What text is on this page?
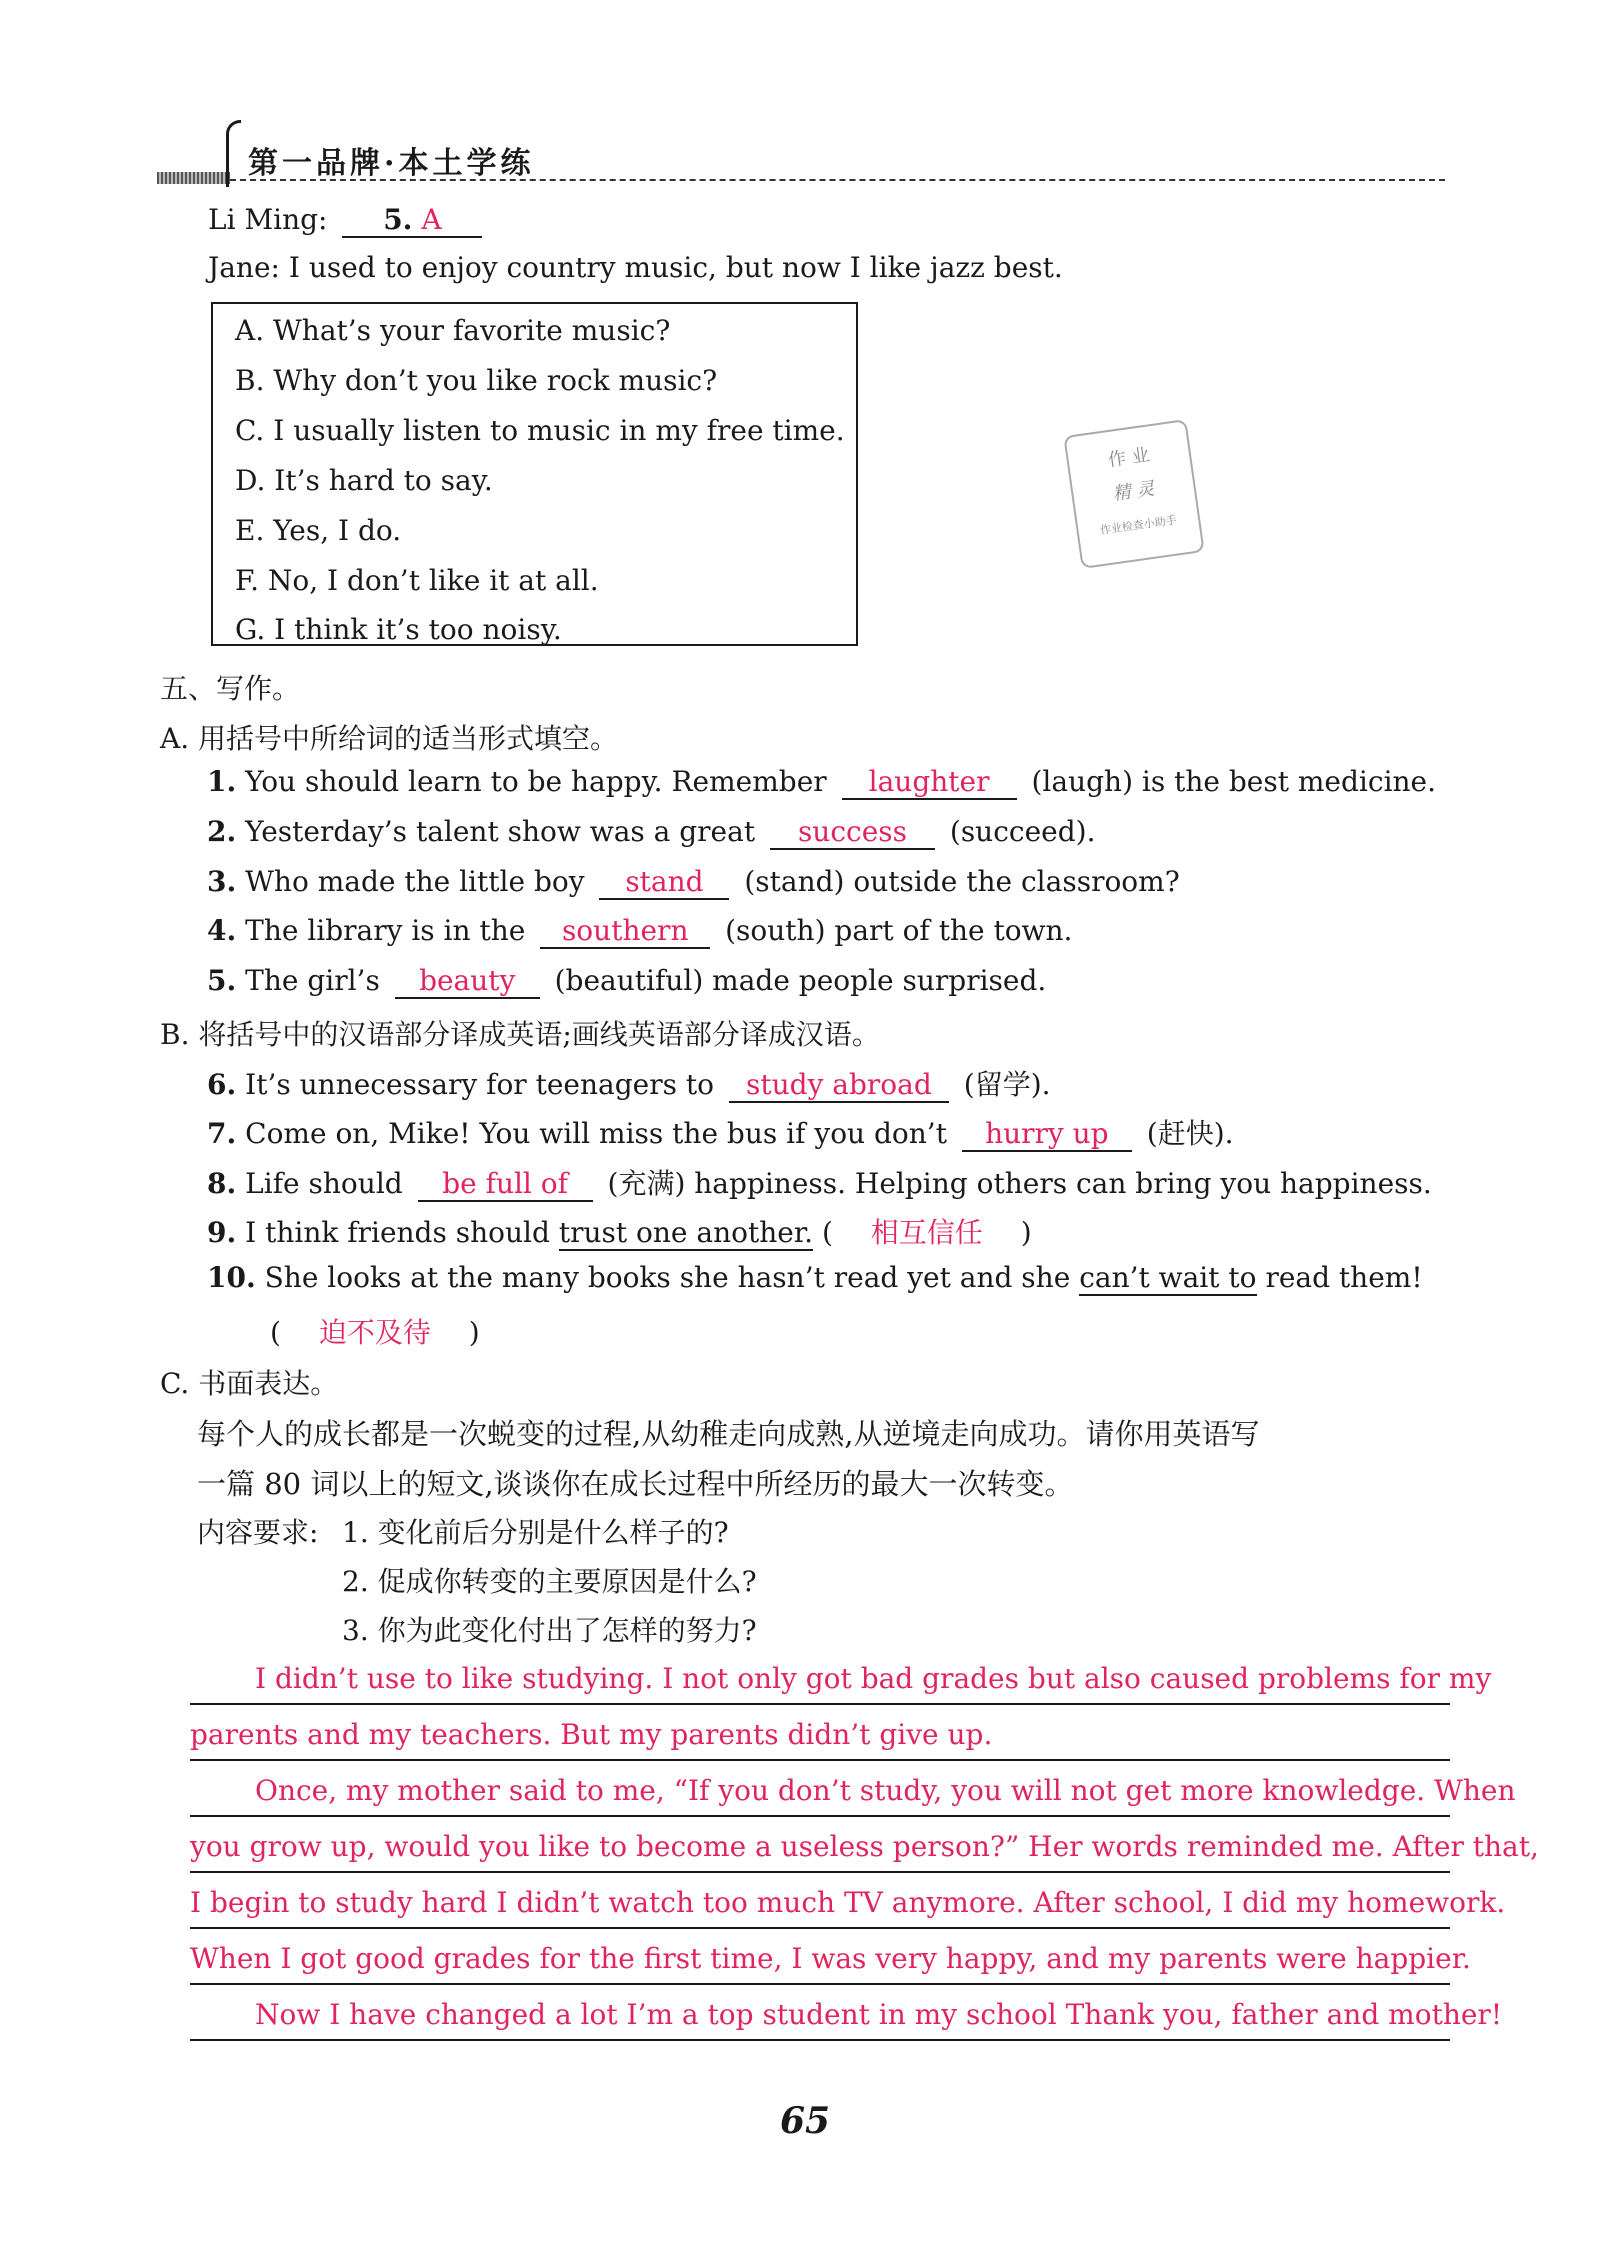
第一品牌·本土学练
Li Ming: 5. A
Jane: I used to enjoy country music, but now I like jazz best.
A. What’s your favorite music?
B. Why don’t you like rock music?
C. I usually listen to music in my free time.
D. It’s hard to say.
E. Yes, I do.
F. No, I don’t like it at all.
G. I think it’s too noisy.
作 业
精 灵
作业检查小助手
五、写作。
A. 用括号中所给词的适当形式填空。
1. You should learn to be happy. Remember laughter (laugh) is the best medicine.
2. Yesterday’s talent show was a great success (succeed).
3. Who made the little boy stand (stand) outside the classroom?
4. The library is in the southern (south) part of the town.
5. The girl’s beauty (beautiful) made people surprised.
B. 将括号中的汉语部分译成英语;画线英语部分译成汉语。
6. It’s unnecessary for teenagers to study abroad (留学).
7. Come on, Mike! You will miss the bus if you don’t hurry up (赶快).
8. Life should be full of (充满) happiness. Helping others can bring you happiness.
9. I think friends should trust one another. ( 相互信任 )
10. She looks at the many books she hasn’t read yet and she can’t wait to read them!
( 迫不及待 )
C. 书面表达。
每个人的成长都是一次蜕变的过程,从幼稚走向成熟,从逆境走向成功。请你用英语写
一篇 80 词以上的短文,谈谈你在成长过程中所经历的最大一次转变。
内容要求: 1. 变化前后分别是什么样子的?
2. 促成你转变的主要原因是什么?
3. 你为此变化付出了怎样的努力?
I didn’t use to like studying. I not only got bad grades but also caused problems for my
parents and my teachers. But my parents didn’t give up.
Once, my mother said to me, “If you don’t study, you will not get more knowledge. When
you grow up, would you like to become a useless person?” Her words reminded me. After that,
I begin to study hard I didn’t watch too much TV anymore. After school, I did my homework.
When I got good grades for the first time, I was very happy, and my parents were happier.
Now I have changed a lot I’m a top student in my school Thank you, father and mother!
65
